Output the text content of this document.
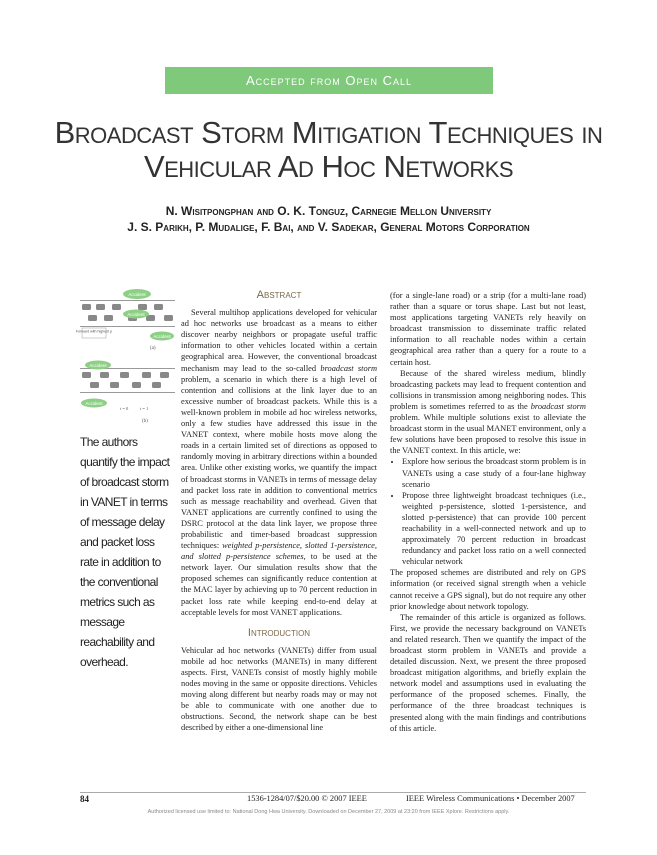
Accepted from Open Call
Broadcast Storm Mitigation Techniques in
Vehicular Ad Hoc Networks
N. Wisitpongphan and O. K. Tonguz, Carnegie Mellon University
J. S. Parikh, P. Mudalige, F. Bai, and V. Sadekar, General Motors Corporation
Accident
Accident
Forward with highest p
Accident
(a)
Accident
Accident
t = 0	t = 1
(b)
The authors quantify the impact of broadcast storm in VANET in terms of message delay and packet loss rate in addition to the conventional metrics such as message reachability and overhead.
Abstract

Several multihop applications developed for vehicular ad hoc networks use broadcast as a means to either discover nearby neighbors or propagate useful traffic information to other vehicles located within a certain geographical area. However, the conventional broadcast mechanism may lead to the so-called broadcast storm problem, a scenario in which there is a high level of contention and collisions at the link layer due to an excessive number of broadcast packets. While this is a well-known problem in mobile ad hoc wireless networks, only a few studies have addressed this issue in the VANET context, where mobile hosts move along the roads in a certain limited set of directions as opposed to randomly moving in arbitrary directions within a bounded area. Unlike other existing works, we quantify the impact of broadcast storms in VANETs in terms of message delay and packet loss rate in addition to conventional metrics such as message reachability and overhead. Given that VANET applications are currently confined to using the DSRC protocol at the data link layer, we propose three probabilistic and timer-based broadcast suppression techniques: weighted p-persistence, slotted 1-persistence, and slotted p-persistence schemes, to be used at the network layer. Our simulation results show that the proposed schemes can significantly reduce contention at the MAC layer by achieving up to 70 percent reduction in packet loss rate while keeping end-to-end delay at acceptable levels for most VANET applications.

Introduction

Vehicular ad hoc networks (VANETs) differ from usual mobile ad hoc networks (MANETs) in many different aspects. First, VANETs consist of mostly highly mobile nodes moving in the same or opposite directions. Vehicles moving along different but nearby roads may or may not be able to communicate with one another due to obstructions. Second, the network shape can be best described by either a one-dimensional line

(for a single-lane road) or a strip (for a multi-lane road) rather than a square or torus shape. Last but not least, most applications targeting VANETs rely heavily on broadcast transmission to disseminate traffic related information to all reachable nodes within a certain geographical area rather than a query for a route to a certain host.

Because of the shared wireless medium, blindly broadcasting packets may lead to frequent contention and collisions in transmission among neighboring nodes. This problem is sometimes referred to as the broadcast storm problem. While multiple solutions exist to alleviate the broadcast storm in the usual MANET environment, only a few solutions have been proposed to resolve this issue in the VANET context. In this article, we:

• Explore how serious the broadcast storm problem is in VANETs using a case study of a four-lane highway scenario
• Propose three lightweight broadcast techniques (i.e., weighted p-persistence, slotted 1-persistence, and slotted p-persistence) that can provide 100 percent reachability in a well-connected network and up to approximately 70 percent reduction in broadcast redundancy and packet loss ratio on a well connected vehicular network

The proposed schemes are distributed and rely on GPS information (or received signal strength when a vehicle cannot receive a GPS signal), but do not require any other prior knowledge about network topology.

The remainder of this article is organized as follows. First, we provide the necessary background on VANETs and related research. Then we quantify the impact of the broadcast storm problem in VANETs and provide a detailed discussion. Next, we present the three proposed broadcast mitigation algorithms, and briefly explain the network model and assumptions used in evaluating the performance of the proposed schemes. Finally, the performance of the three broadcast techniques is presented along with the main findings and contributions of this article.

84	1536-1284/07/$20.00 © 2007 IEEE	IEEE Wireless Communications • December 2007
Authorized licensed use limited to: National Dong Hwa University. Downloaded on December 27, 2009 at 23:20 from IEEE Xplore. Restrictions apply.
